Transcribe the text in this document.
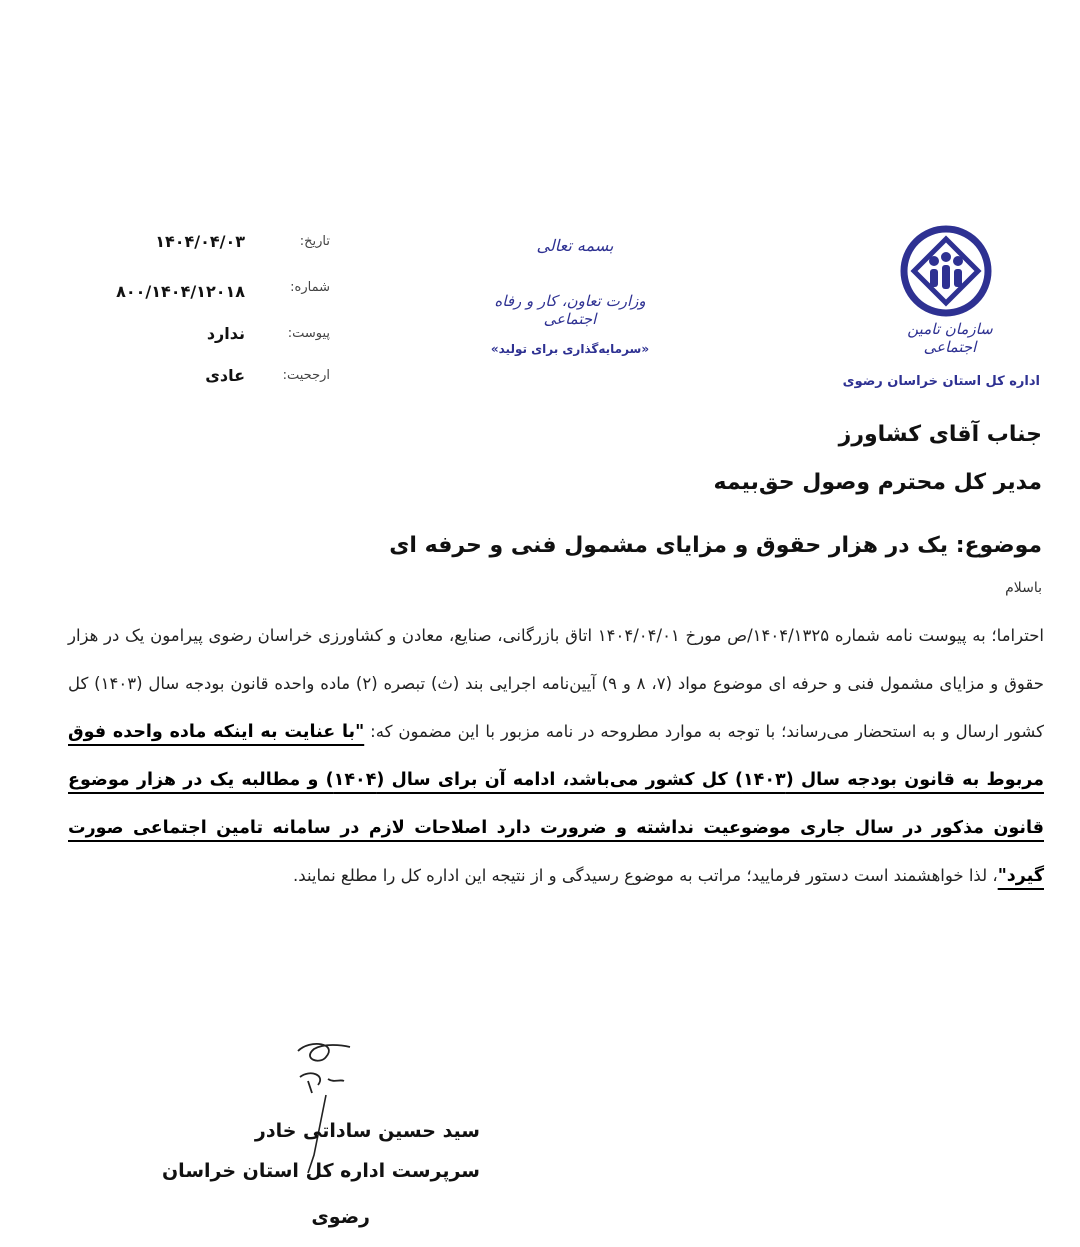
سازمان تامین اجتماعی
اداره کل استان خراسان رضوی
بسمه تعالی
وزارت تعاون، کار و رفاه اجتماعی
«سرمایه‌گذاری برای تولید»
تاریخ:
۱۴۰۴/۰۴/۰۳
شماره:
۸۰۰/۱۴۰۴/۱۲۰۱۸
پیوست:
ندارد
ارجحیت:
عادی
جناب آقای کشاورز
مدیر کل محترم وصول حق‌بیمه
موضوع: یک در هزار حقوق و مزایای مشمول فنی و حرفه ای
باسلام
احتراما؛ به پیوست نامه شماره ۱۴۰۴/۱۳۲۵/ص مورخ ۱۴۰۴/۰۴/۰۱ اتاق بازرگانی، صنایع، معادن و کشاورزی خراسان رضوی پیرامون یک در هزار حقوق و مزایای مشمول فنی و حرفه ای موضوع مواد (۷، ۸ و ۹) آیین‌نامه اجرایی بند (ث) تبصره (۲) ماده واحده قانون بودجه سال (۱۴۰۳) کل کشور ارسال و به استحضار می‌رساند؛ با توجه به موارد مطروحه در نامه مزبور با این مضمون که: "با عنایت به اینکه ماده واحده فوق مربوط به قانون بودجه سال (۱۴۰۳) کل کشور می‌باشد، ادامه آن برای سال (۱۴۰۴) و مطالبه یک در هزار موضوع قانون مذکور در سال جاری موضوعیت نداشته و ضرورت دارد اصلاحات لازم در سامانه تامین اجتماعی صورت گیرد"، لذا خواهشمند است دستور فرمایید؛ مراتب به موضوع رسیدگی و از نتیجه این اداره کل را مطلع نمایند.
سید حسین ساداتی خادر
سرپرست اداره کل استان خراسان
رضوی
